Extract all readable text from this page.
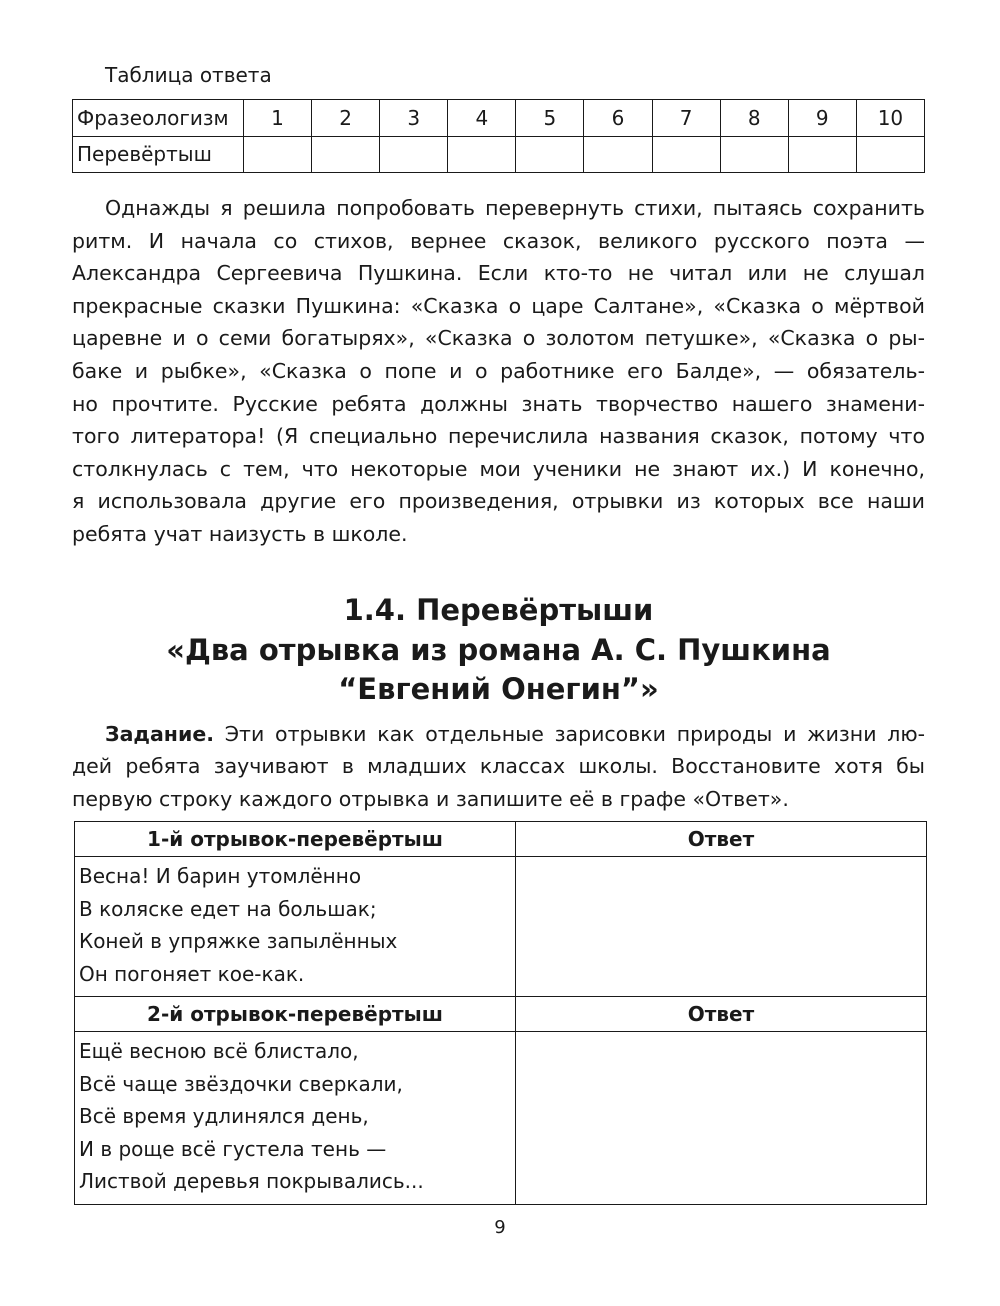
Таблица ответа
Фразеологизм	1	2	3	4	5	6	7	8	9	10
Перевёртыш										
Однажды я решила попробовать перевернуть стихи, пытаясь сохранить
ритм. И начала со стихов, вернее сказок, великого русского поэта —
Александра Сергеевича Пушкина. Если кто-то не читал или не слушал
прекрасные сказки Пушкина: «Сказка о царе Салтане», «Сказка о мёртвой
царевне и о семи богатырях», «Сказка о золотом петушке», «Сказка о ры-
баке и рыбке», «Сказка о попе и о работнике его Балде», — обязатель-
но прочтите. Русские ребята должны знать творчество нашего знамени-
того литератора! (Я специально перечислила названия сказок, потому что
столкнулась с тем, что некоторые мои ученики не знают их.) И конечно,
я использовала другие его произведения, отрывки из которых все наши
ребята учат наизусть в школе.
1.4. Перевёртыши
«Два отрывка из романа А. С. Пушкина
“Евгений Онегин”»
Задание. Эти отрывки как отдельные зарисовки природы и жизни лю-
дей ребята заучивают в младших классах школы. Восстановите хотя бы
первую строку каждого отрывка и запишите её в графе «Ответ».
1-й отрывок-перевёртыш	Ответ

Весна! И барин утомлённо
В коляске едет на большак;
Коней в упряжке запылённых
Он погоняет кое-как.	

2-й отрывок-перевёртыш	Ответ

Ещё весною всё блистало,
Всё чаще звёздочки сверкали,
Всё время удлинялся день,
И в роще всё густела тень —
Листвой деревья покрывались...	

9
